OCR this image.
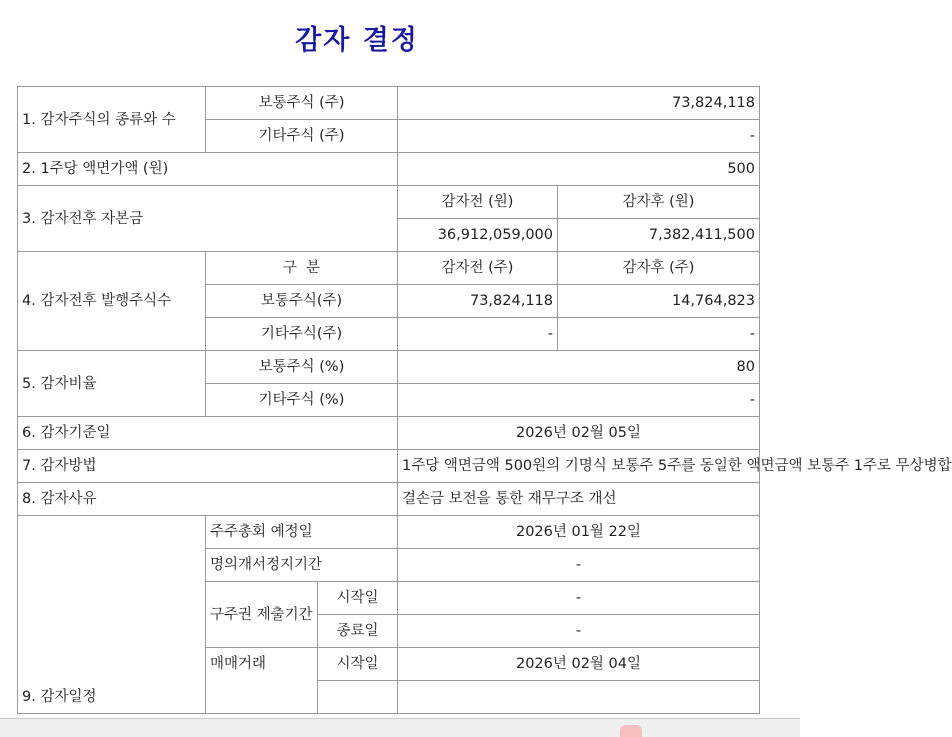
감자 결정
1. 감자주식의 종류와 수	보통주식 (주)		73,824,118	
	기타주식 (주)		-	
2. 1주당 액면가액 (원)			500	
3. 감자전후 자본금			감자전 (원)	감자후 (원)
			36,912,059,000	7,382,411,500
4. 감자전후 발행주식수	구  분		감자전 (주)	감자후 (주)
	보통주식(주)		73,824,118	14,764,823
	기타주식(주)		-	-
5. 감자비율	보통주식 (%)		80	
	기타주식 (%)		-	
6. 감자기준일			2026년 02월 05일	
7. 감자방법			1주당 액면금액 500원의 기명식 보통주 5주를 동일한 액면금액 보통주 1주로 무상병합	
8. 감자사유			결손금 보전을 통한 재무구조 개선	
9. 감자일정	주주총회 예정일		2026년 01월 22일	
	명의개서정지기간		-	
	구주권 제출기간	시작일	-	
		종료일	-	
	매매거래	시작일	2026년 02월 04일	
